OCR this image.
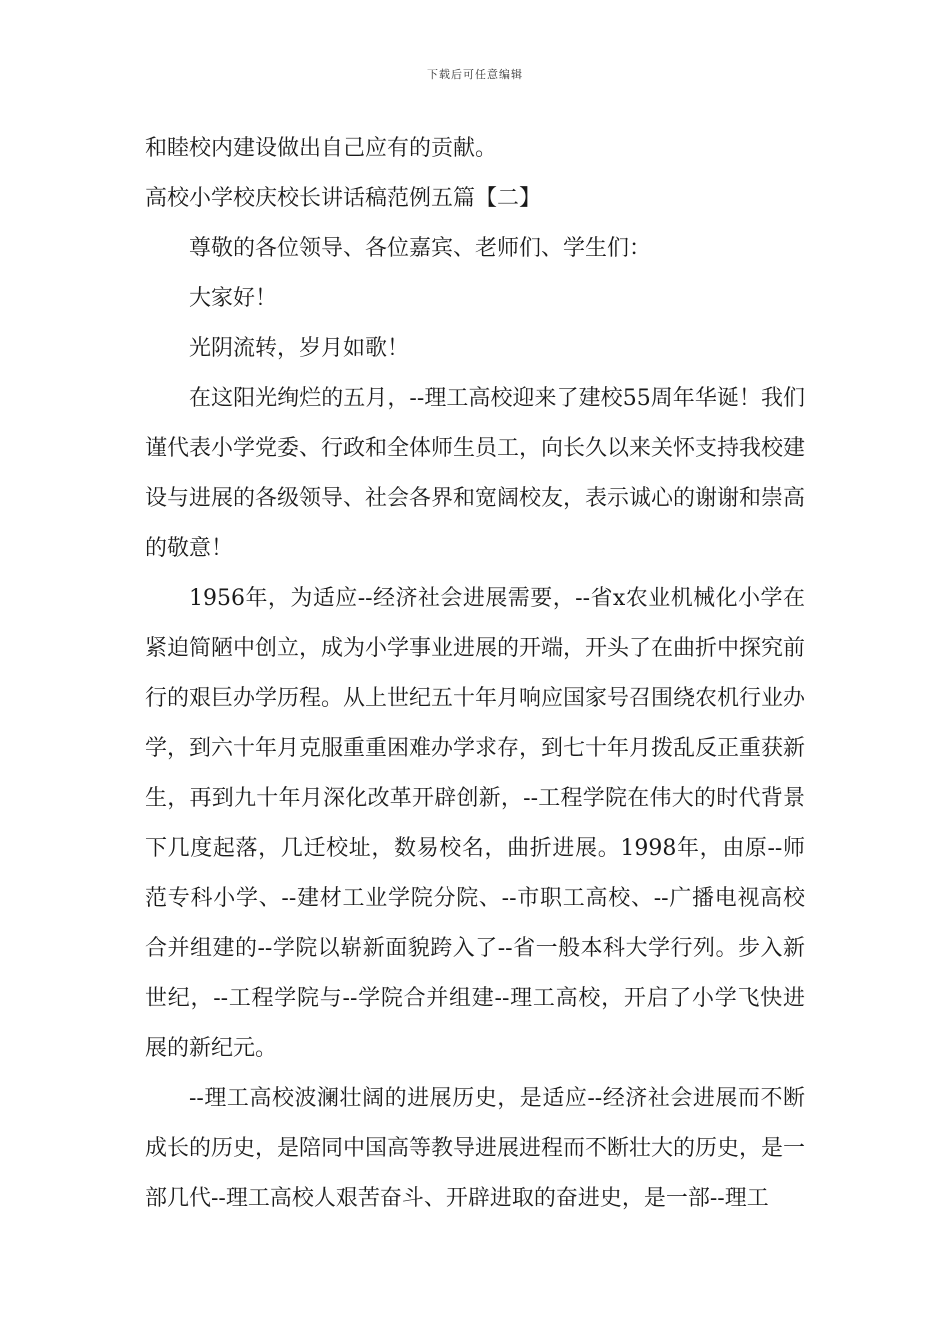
下载后可任意编辑

和睦校内建设做出自己应有的贡献。

高校小学校庆校长讲话稿范例五篇【二】

尊敬的各位领导、各位嘉宾、老师们、学生们：

大家好！

光阴流转，岁月如歌！

在这阳光绚烂的五月，--理工高校迎来了建校55周年华诞！我们谨代表小学党委、行政和全体师生员工，向长久以来关怀支持我校建设与进展的各级领导、社会各界和宽阔校友，表示诚心的谢谢和崇高的敬意！

1956年，为适应--经济社会进展需要，--省x农业机械化小学在紧迫简陋中创立，成为小学事业进展的开端，开头了在曲折中探究前行的艰巨办学历程。从上世纪五十年月响应国家号召围绕农机行业办学，到六十年月克服重重困难办学求存，到七十年月拨乱反正重获新生，再到九十年月深化改革开辟创新，--工程学院在伟大的时代背景下几度起落，几迁校址，数易校名，曲折进展。1998年，由原--师范专科小学、--建材工业学院分院、--市职工高校、--广播电视高校合并组建的--学院以崭新面貌跨入了--省一般本科大学行列。步入新世纪，--工程学院与--学院合并组建--理工高校，开启了小学飞快进展的新纪元。

--理工高校波澜壮阔的进展历史，是适应--经济社会进展而不断成长的历史，是陪同中国高等教导进展进程而不断壮大的历史，是一部几代--理工高校人艰苦奋斗、开辟进取的奋进史，是一部--理工
